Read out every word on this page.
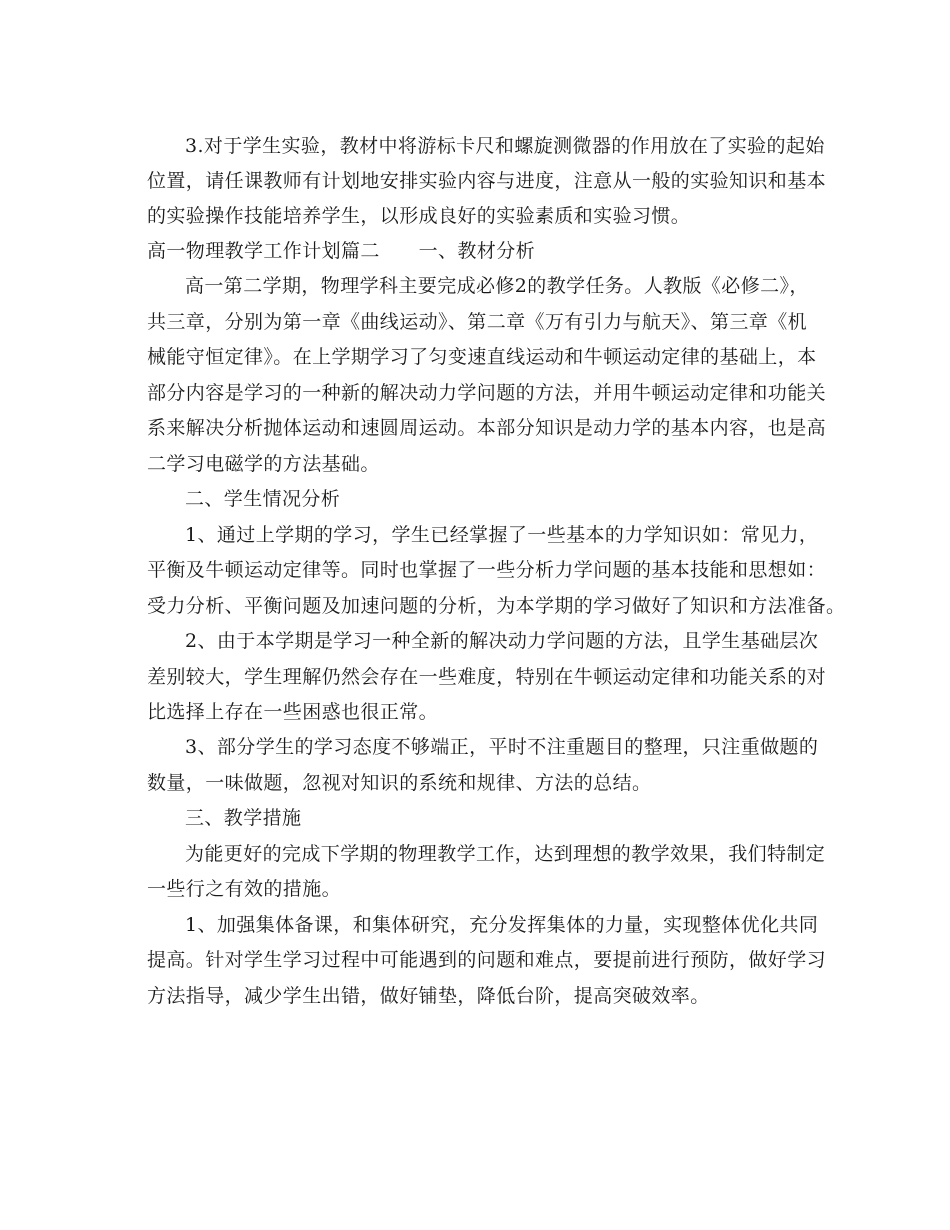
3.对于学生实验，教材中将游标卡尺和螺旋测微器的作用放在了实验的起始
位置，请任课教师有计划地安排实验内容与进度，注意从一般的实验知识和基本
的实验操作技能培养学生，以形成良好的实验素质和实验习惯。
高一物理教学工作计划篇二　　一、教材分析
高一第二学期，物理学科主要完成必修2的教学任务。人教版《必修二》，
共三章，分别为第一章《曲线运动》、第二章《万有引力与航天》、第三章《机
械能守恒定律》。在上学期学习了匀变速直线运动和牛顿运动定律的基础上，本
部分内容是学习的一种新的解决动力学问题的方法，并用牛顿运动定律和功能关
系来解决分析抛体运动和速圆周运动。本部分知识是动力学的基本内容，也是高
二学习电磁学的方法基础。
二、学生情况分析
1、通过上学期的学习，学生已经掌握了一些基本的力学知识如：常见力，
平衡及牛顿运动定律等。同时也掌握了一些分析力学问题的基本技能和思想如：
受力分析、平衡问题及加速问题的分析，为本学期的学习做好了知识和方法准备。
2、由于本学期是学习一种全新的解决动力学问题的方法，且学生基础层次
差别较大，学生理解仍然会存在一些难度，特别在牛顿运动定律和功能关系的对
比选择上存在一些困惑也很正常。
3、部分学生的学习态度不够端正，平时不注重题目的整理，只注重做题的
数量，一味做题，忽视对知识的系统和规律、方法的总结。
三、教学措施
为能更好的完成下学期的物理教学工作，达到理想的教学效果，我们特制定
一些行之有效的措施。
1、加强集体备课，和集体研究，充分发挥集体的力量，实现整体优化共同
提高。针对学生学习过程中可能遇到的问题和难点，要提前进行预防，做好学习
方法指导，减少学生出错，做好铺垫，降低台阶，提高突破效率。
